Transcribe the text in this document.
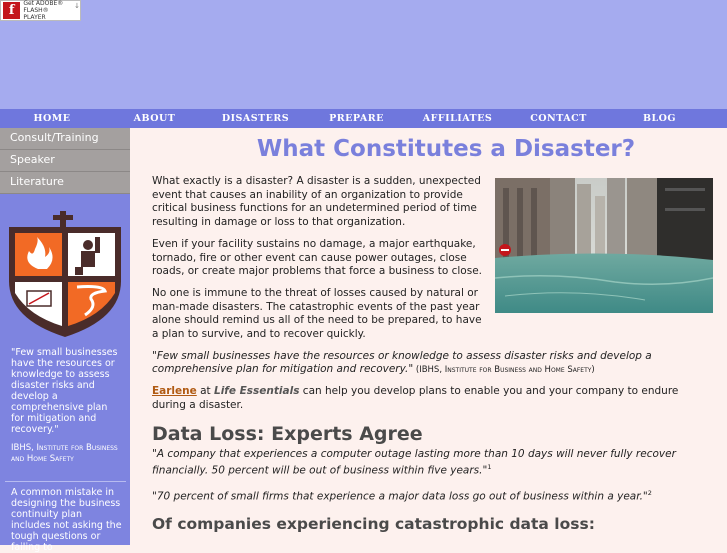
f	Get ADOBE®
FLASH® PLAYER
↓
HOME	ABOUT	DISASTERS	PREPARE	AFFILIATES	CONTACT	BLOG
Consult/Training
Speaker
Literature
"Few small businesses have the resources or knowledge to assess disaster risks and develop a comprehensive plan for mitigation and recovery."
IBHS, Institute for Business and Home Safety
A common mistake in designing the business continuity plan includes not asking the tough questions or failing to
What Constitutes a Disaster?

What exactly is a disaster? A disaster is a sudden, unexpected event that causes an inability of an organization to provide critical business functions for an undetermined period of time resulting in damage or loss to that organization.

Even if your facility sustains no damage, a major earthquake, tornado, fire or other event can cause power outages, close roads, or create major problems that force a business to close.

No one is immune to the threat of losses caused by natural or man-made disasters. The catastrophic events of the past year alone should remind us all of the need to be prepared, to have a plan to survive, and to recover quickly.

"Few small businesses have the resources or knowledge to assess disaster risks and develop a comprehensive plan for mitigation and recovery." (IBHS, Institute for Business and Home Safety)

Earlene at Life Essentials can help you develop plans to enable you and your company to endure during a disaster.

Data Loss: Experts Agree

"A company that experiences a computer outage lasting more than 10 days will never fully recover financially. 50 percent will be out of business within five years."$^1$

"70 percent of small firms that experience a major data loss go out of business within a year."$^2$

Of companies experiencing catastrophic data loss:
